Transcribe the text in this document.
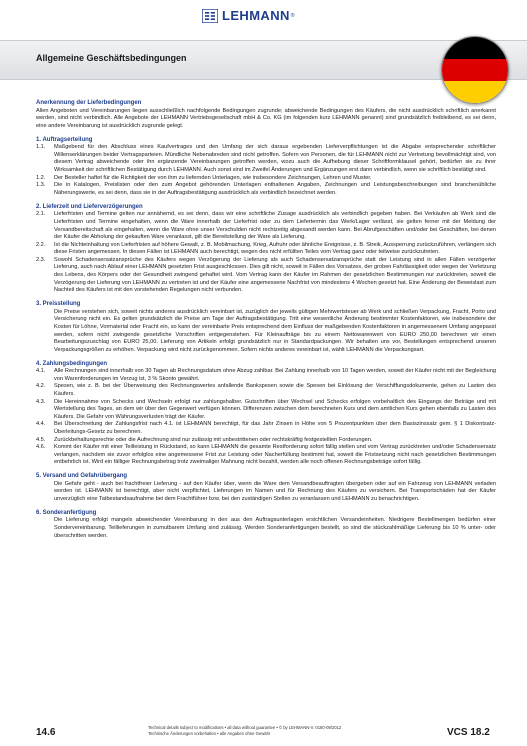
LEHMANN ®
Allgemeine Geschäftsbedingungen

Anerkennung der Lieferbedingungen

Allen Angeboten und Vereinbarungen liegen ausschließlich nachfolgende Bedingungen zugrunde; abweichende Bedingungen des Käufers, die nicht ausdrücklich schriftlich anerkannt werden, sind nicht verbindlich. Alle Angebote der LEHMANN Vertriebsgesellschaft mbH & Co. KG (im folgenden kurz LEHMANN genannt) sind grundsätzlich freibleibend, es sei denn, eine andere Vereinbarung ist ausdrücklich zugrunde gelegt.

1. Auftragserteilung

1.1.	Maßgebend für den Abschluss eines Kaufvertrages und den Umfang der sich daraus ergebenden Lieferverpflichtungen ist die Abgabe entsprechender schriftlicher Willenserklärungen beider Vertragsparteien. Mündliche Nebenabreden sind nicht getroffen. Sofern von Personen, die für LEHMANN nicht zur Vertretung bevollmächtigt sind, von diesem Vertrag abweichende oder ihn ergänzende Vereinbarungen getroffen werden, wozu auch die Aufhebung dieser Schriftformklausel gehört, bedürfen sie zu ihrer Wirksamkeit der schriftlichen Bestätigung durch LEHMANN. Auch sonst sind im Zweifel Änderungen und Ergänzungen erst dann verbindlich, wenn sie schriftlich bestätigt sind.
1.2.	Der Besteller haftet für die Richtigkeit der von ihm zu liefernden Unterlagen, wie insbesondere Zeichnungen, Lehren und Muster.
1.3.	Die in Katalogen, Preislisten oder den zum Angebot gehörenden Unterlagen enthaltenen Angaben, Zeichnungen und Leistungsbeschreibungen sind branchenübliche Näherungswerte, es sei denn, dass sie in der Auftragsbestätigung ausdrücklich als verbindlich bezeichnet werden.

2. Lieferzeit und Lieferverzögerungen

2.1.	Lieferfristen und Termine gelten nur annähernd, es sei denn, dass wir eine schriftliche Zusage ausdrücklich als verbindlich gegeben haben. Bei Verkäufen ab Werk sind die Lieferfristen und Termine eingehalten, wenn die Ware innerhalb der Lieferfrist oder zu dem Liefertermin das Werk/Lager verlässt, sie gelten ferner mit der Meldung der Versandbereitschaft als eingehalten, wenn die Ware ohne unser Verschulden nicht rechtzeitig abgesandt werden kann. Bei Abrufgeschäften und/oder bei Geschäften, bei denen der Käufer die Abholung der gekauften Ware veranlasst, gilt die Bereitstellung der Ware als Lieferung.
2.2.	Ist die Nichteinhaltung von Lieferfristen auf höhere Gewalt, z. B. Mobilmachung, Krieg, Aufruhr oder ähnliche Ereignisse, z. B. Streik, Aussperrung zurückzuführen, verlängern sich diese Fristen angemessen. In diesen Fällen ist LEHMANN auch berechtigt, wegen des nicht erfüllten Teiles vom Vertrag ganz oder teilweise zurückzutreten.
2.3.	Sowohl Schadensersatzansprüche des Käufers wegen Verzögerung der Lieferung als auch Schadensersatzansprüche statt der Leistung sind in allen Fällen verzögerter Lieferung, auch nach Ablauf einer LEHMANN gesetzten Frist ausgeschlossen. Dies gilt nicht, soweit in Fällen des Vorsatzes, der groben Fahrlässigkeit oder wegen der Verletzung des Lebens, des Körpers oder der Gesundheit zwingend gehaftet wird. Vom Vertrag kann der Käufer im Rahmen der gesetzlichen Bestimmungen nur zurücktreten, soweit die Verzögerung der Lieferung von LEHMANN zu vertreten ist und der Käufer eine angemessene Nachfrist von mindestens 4 Wochen gesetzt hat. Eine Änderung der Beweislast zum Nachteil des Käufers ist mit den vorstehenden Regelungen nicht verbunden.

3. Preisstellung

Die Preise verstehen sich, soweit nichts anderes ausdrücklich vereinbart ist, zuzüglich der jeweils gültigen Mehrwertsteuer ab Werk und schließen Verpackung, Fracht, Porto und Versicherung nicht ein. Es gelten grundsätzlich die Preise am Tage der Auftragsbestätigung. Tritt eine wesentliche Änderung bestimmter Kostenfaktoren, wie insbesondere der Kosten für Löhne, Vormaterial oder Fracht ein, so kann der vereinbarte Preis entsprechend dem Einfluss der maßgebenden Kostenfaktoren in angemessenem Umfang angepasst werden, sofern nicht zwingende gesetzliche Vorschriften entgegenstehen. Für Kleinaufträge bis zu einem Nettowarenwert von EURO 250,00 berechnen wir einen Bearbeitungszuschlag von EURO 25,00. Lieferung von Artikeln erfolgt grundsätzlich nur in Standardpackungen. Wir behalten uns vor, Bestellungen entsprechend unseren Verpackungsgrößen zu erhöhen. Verpackung wird nicht zurückgenommen. Sofern nichts anderes vereinbart ist, wählt LEHMANN die Verpackungsart.

4. Zahlungsbedingungen

4.1.	Alle Rechnungen sind innerhalb von 30 Tagen ab Rechnungsdatum ohne Abzug zahlbar. Bei Zahlung innerhalb von 10 Tagen werden, soweit der Käufer nicht mit der Begleichung von Warenforderungen im Verzug ist, 3 % Skonto gewährt.
4.2.	Spesen, wie z. B. bei der Überweisung des Rechnungswertes anfallende Bankspesen sowie die Spesen bei Einlösung der Verschiffungsdokumente, gehen zu Lasten des Käufers.
4.3.	Die Hereinnahme von Schecks und Wechseln erfolgt nur zahlungshalber. Gutschriften über Wechsel und Schecks erfolgen vorbehaltlich des Eingangs der Beträge und mit Wertstellung des Tages, an dem wir über den Gegenwert verfügen können. Differenzen zwischen dem berechneten Kurs und dem amtlichen Kurs gehen ebenfalls zu Lasten des Käufers. Die Gefahr von Währungsverlusten trägt der Käufer.
4.4.	Bei Überschreitung der Zahlungsfrist nach 4.1. ist LEHMANN berechtigt, für das Jahr Zinsen in Höhe von 5 Prozentpunkten über dem Basiszinssatz gem. § 1 Diskontsatz-Überleitungs-Gesetz zu berechnen.
4.5.	Zurückbehaltungsrechte oder die Aufrechnung sind nur zulässig mit unbestrittenen oder rechtskräftig festgestellten Forderungen.
4.6.	Kommt der Käufer mit einer Teilleistung in Rückstand, so kann LEHMANN die gesamte Restforderung sofort fällig stellen und vom Vertrag zurücktreten und/oder Schadensersatz verlangen, nachdem sie zuvor erfolglos eine angemessene Frist zur Leistung oder Nacherfüllung bestimmt hat, soweit die Fristsetzung nicht nach gesetzlichen Bestimmungen entbehrlich ist. Wird ein fälliger Rechnungsbetrag trotz zweimaliger Mahnung nicht bezahlt, werden alle noch offenen Rechnungsbeträge sofort fällig.

5. Versand und Gefahrübergang

Die Gefahr geht - auch bei frachtfreier Lieferung - auf den Käufer über, wenn die Ware dem Versandbeauftragten übergeben oder auf ein Fahrzeug von LEHMANN verladen worden ist. LEHMANN ist berechtigt, aber nicht verpflichtet, Lieferungen im Namen und für Rechnung des Käufers zu versichern. Bei Transportschäden hat der Käufer unverzüglich eine Tatbestandsaufnahme bei dem Frachtführer bzw. bei den zuständigen Stellen zu veranlassen und LEHMANN zu benachrichtigen.

6. Sonderanfertigung

Die Lieferung erfolgt mangels abweichender Vereinbarung in den aus den Auftragsunterlagen ersichtlichen Versandeinheiten. Niedrigere Bestellmengen bedürfen einer Sondervereinbarung. Teillieferungen in zumutbarem Umfang sind zulässig. Werden Sonderanfertigungen bestellt, so sind die stückzahlmäßige Lieferung bis 10 % unter- oder überschritten werden.
14.6	Technical details subject to modifications • all data without guarantee • © by LEHMANN-V. 0180-09/2012
Technische Änderungen vorbehalten • alle Angaben ohne Gewähr	VCS 18.2
